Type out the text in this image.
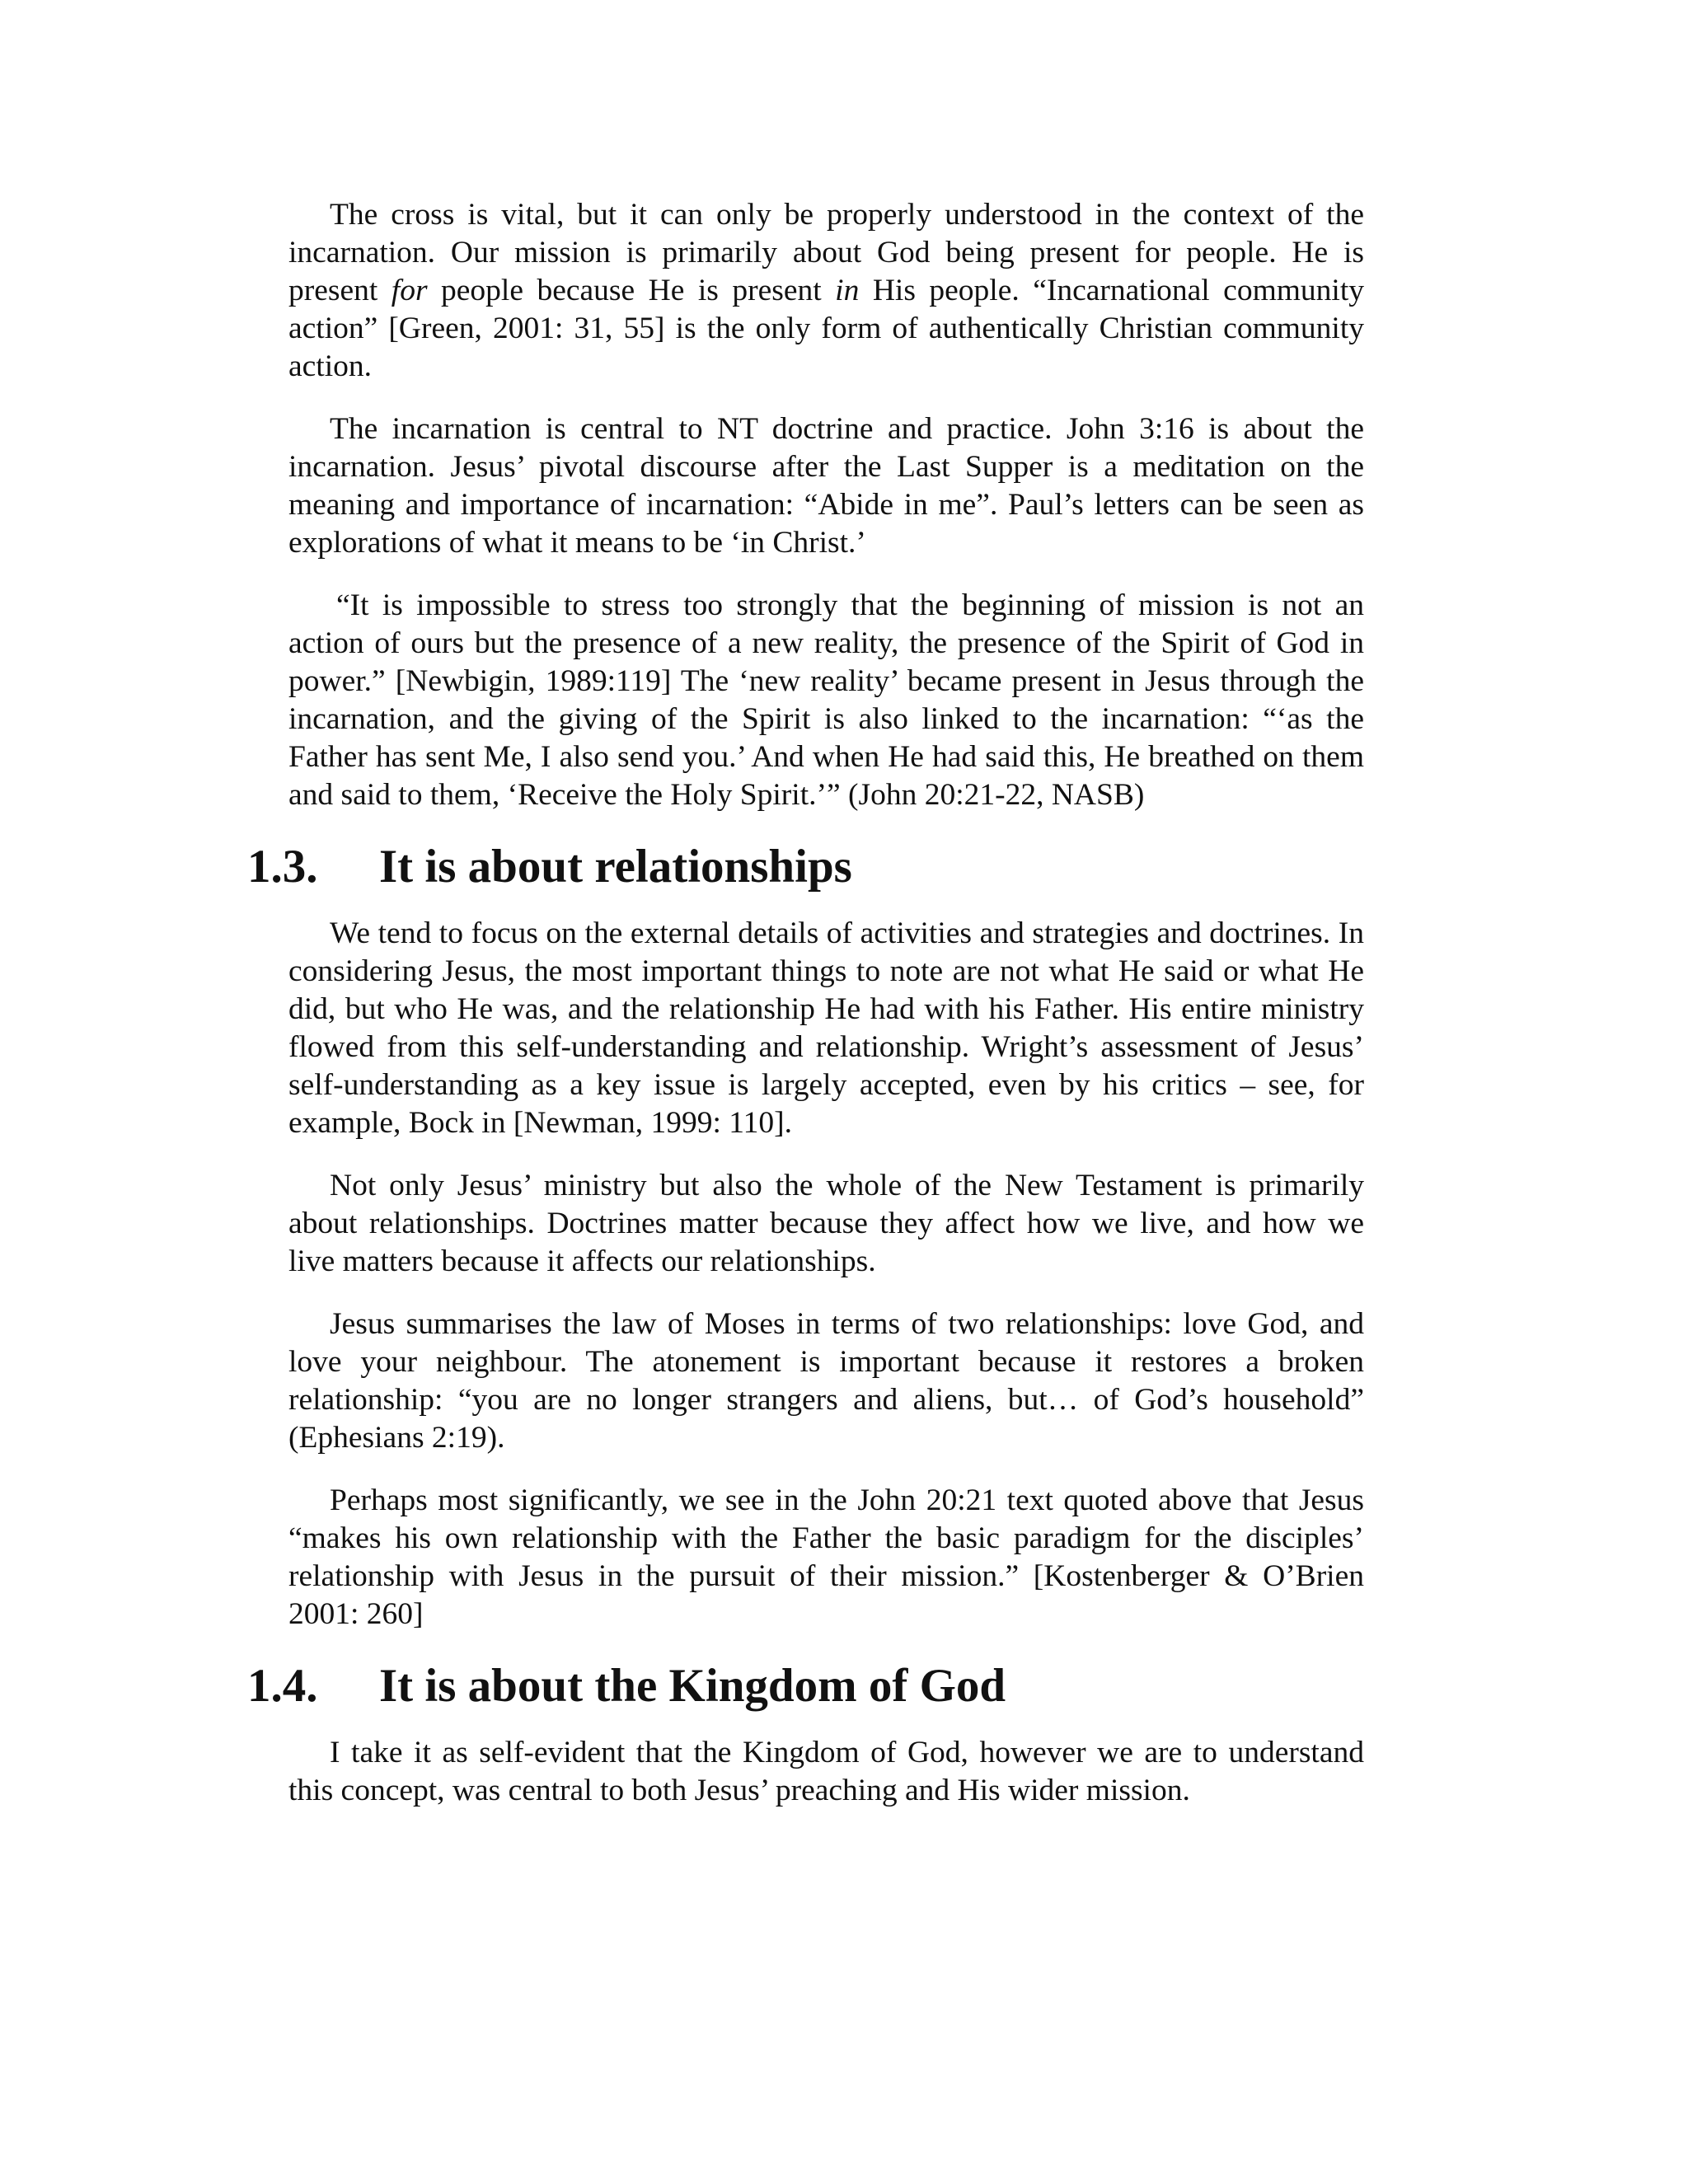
The cross is vital, but it can only be properly understood in the context of the incarnation. Our mission is primarily about God being present for people. He is present for people because He is present in His people. “Incarnational community action” [Green, 2001: 31, 55] is the only form of authentically Christian community action.

The incarnation is central to NT doctrine and practice. John 3:16 is about the incarnation. Jesus’ pivotal discourse after the Last Supper is a meditation on the meaning and importance of incarnation: “Abide in me”. Paul’s letters can be seen as explorations of what it means to be ‘in Christ.’

“It is impossible to stress too strongly that the beginning of mission is not an action of ours but the presence of a new reality, the presence of the Spirit of God in power.” [Newbigin, 1989:119] The ‘new reality’ became present in Jesus through the incarnation, and the giving of the Spirit is also linked to the incarnation: “‘as the Father has sent Me, I also send you.’ And when He had said this, He breathed on them and said to them, ‘Receive the Holy Spirit.’” (John 20:21-22, NASB)

1.3. It is about relationships

We tend to focus on the external details of activities and strategies and doctrines. In considering Jesus, the most important things to note are not what He said or what He did, but who He was, and the relationship He had with his Father. His entire ministry flowed from this self-understanding and relationship. Wright’s assessment of Jesus’ self-understanding as a key issue is largely accepted, even by his critics – see, for example, Bock in [Newman, 1999: 110].

Not only Jesus’ ministry but also the whole of the New Testament is primarily about relationships. Doctrines matter because they affect how we live, and how we live matters because it affects our relationships.

Jesus summarises the law of Moses in terms of two relationships: love God, and love your neighbour. The atonement is important because it restores a broken relationship: “you are no longer strangers and aliens, but… of God’s household” (Ephesians 2:19).

Perhaps most significantly, we see in the John 20:21 text quoted above that Jesus “makes his own relationship with the Father the basic paradigm for the disciples’ relationship with Jesus in the pursuit of their mission.” [Kostenberger & O’Brien 2001: 260]

1.4. It is about the Kingdom of God

I take it as self-evident that the Kingdom of God, however we are to understand this concept, was central to both Jesus’ preaching and His wider mission.
